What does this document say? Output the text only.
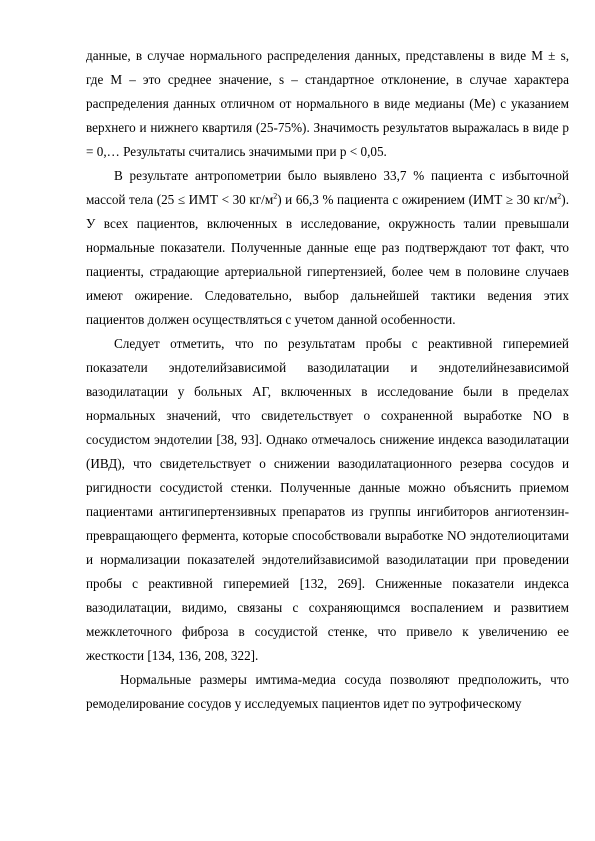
данные, в случае нормального распределения данных, представлены в виде М ± s, где М – это среднее значение, s – стандартное отклонение, в случае характера распределения данных отличном от нормального в виде медианы (Ме) с указанием верхнего и нижнего квартиля (25-75%). Значимость результатов выражалась в виде р = 0,… Результаты считались значимыми при р < 0,05.

В результате антропометрии было выявлено 33,7 % пациента с избыточной массой тела (25 ≤ ИМТ < 30 $кг/м^2$) и 66,3 % пациента с ожирением (ИМТ ≥ 30 $кг/м^2$). У всех пациентов, включенных в исследование, окружность талии превышали нормальные показатели. Полученные данные еще раз подтверждают тот факт, что пациенты, страдающие артериальной гипертензией, более чем в половине случаев имеют ожирение. Следовательно, выбор дальнейшей тактики ведения этих пациентов должен осуществляться с учетом данной особенности.

Следует отметить, что по результатам пробы с реактивной гиперемией показатели эндотелийзависимой вазодилатации и эндотелийнезависимой вазодилатации у больных АГ, включенных в исследование были в пределах нормальных значений, что свидетельствует о сохраненной выработке NO в сосудистом эндотелии [38, 93]. Однако отмечалось снижение индекса вазодилатации (ИВД), что свидетельствует о снижении вазодилатационного резерва сосудов и ригидности сосудистой стенки. Полученные данные можно объяснить приемом пациентами антигипертензивных препаратов из группы ингибиторов ангиотензин-превращающего фермента, которые способствовали выработке NO эндотелиоцитами и нормализации показателей эндотелийзависимой вазодилатации при проведении пробы с реактивной гиперемией [132, 269]. Сниженные показатели индекса вазодилатации, видимо, связаны с сохраняющимся воспалением и развитием межклеточного фиброза в сосудистой стенке, что привело к увеличению ее жесткости [134, 136, 208, 322].

Нормальные размеры имтима-медиа сосуда позволяют предположить, что ремоделирование сосудов у исследуемых пациентов идет по эутрофическому
